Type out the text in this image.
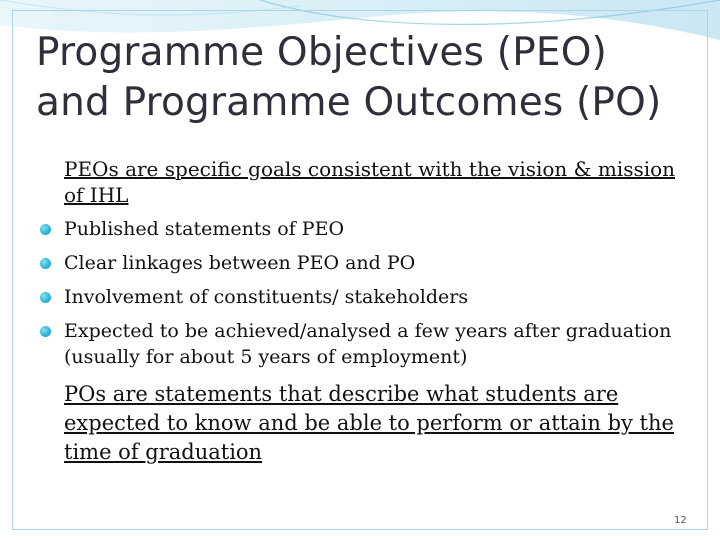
Programme Objectives (PEO)
and Programme Outcomes (PO)

PEOs are specific goals consistent with the vision & mission of IHL

Published statements of PEO
Clear linkages between PEO and PO
Involvement of constituents/ stakeholders
Expected to be achieved/analysed a few years after graduation (usually for about 5 years of employment)

POs are statements that describe what students are expected to know and be able to perform or attain by the time of graduation

12
